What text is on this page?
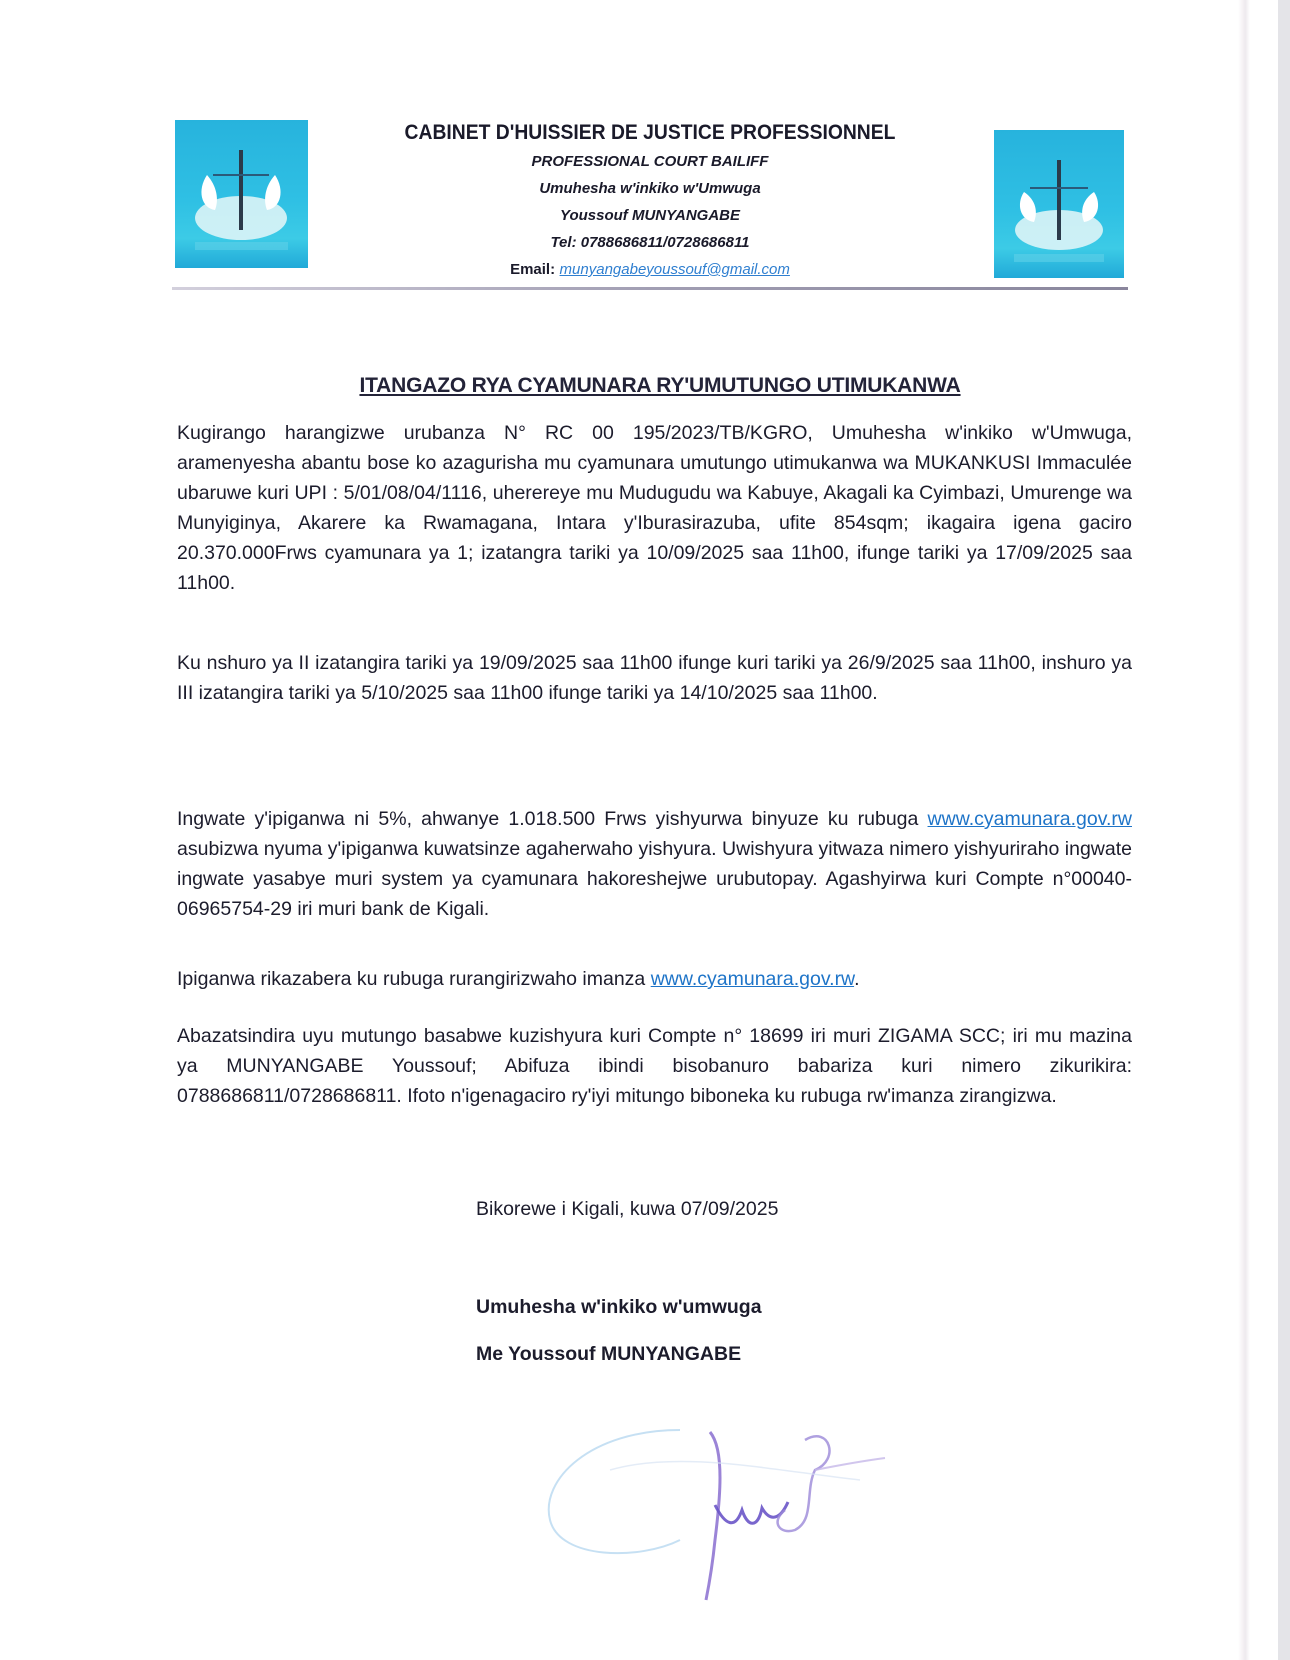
CABINET D'HUISSIER DE JUSTICE PROFESSIONNEL
PROFESSIONAL COURT BAILIFF
Umuhesha w'inkiko w'Umwuga
Youssouf MUNYANGABE
Tel: 0788686811/0728686811
Email: munyangabeyoussouf@gmail.com
ITANGAZO RYA CYAMUNARA RY'UMUTUNGO UTIMUKANWA

Kugirango harangizwe urubanza N° RC 00 195/2023/TB/KGRO, Umuhesha w'inkiko w'Umwuga, aramenyesha abantu bose ko azagurisha mu cyamunara umutungo utimukanwa wa MUKANKUSI Immaculée ubaruwe kuri UPI : 5/01/08/04/1116, uherereye mu Mudugudu wa Kabuye, Akagali ka Cyimbazi, Umurenge wa Munyiginya, Akarere ka Rwamagana, Intara y'Iburasirazuba, ufite 854sqm; ikagaira igena gaciro 20.370.000Frws cyamunara ya 1; izatangra tariki ya 10/09/2025 saa 11h00, ifunge tariki ya 17/09/2025 saa 11h00.

Ku nshuro ya II izatangira tariki ya 19/09/2025 saa 11h00 ifunge kuri tariki ya 26/9/2025 saa 11h00, inshuro ya III izatangira tariki ya 5/10/2025 saa 11h00 ifunge tariki ya 14/10/2025 saa 11h00.

Ingwate y'ipiganwa ni 5%, ahwanye 1.018.500 Frws yishyurwa binyuze ku rubuga www.cyamunara.gov.rw asubizwa nyuma y'ipiganwa kuwatsinze agaherwaho yishyura. Uwishyura yitwaza nimero yishyuriraho ingwate ingwate yasabye muri system ya cyamunara hakoreshejwe urubutopay. Agashyirwa kuri Compte n°00040-06965754-29 iri muri bank de Kigali.

Ipiganwa rikazabera ku rubuga rurangirizwaho imanza www.cyamunara.gov.rw.

Abazatsindira uyu mutungo basabwe kuzishyura kuri Compte n° 18699 iri muri ZIGAMA SCC; iri mu mazina ya MUNYANGABE Youssouf; Abifuza ibindi bisobanuro babariza kuri nimero zikurikira: 0788686811/0728686811. Ifoto n'igenagaciro ry'iyi mitungo biboneka ku rubuga rw'imanza zirangizwa.

Bikorewe i Kigali, kuwa 07/09/2025
Umuhesha w'inkiko w'umwuga
Me Youssouf MUNYANGABE
